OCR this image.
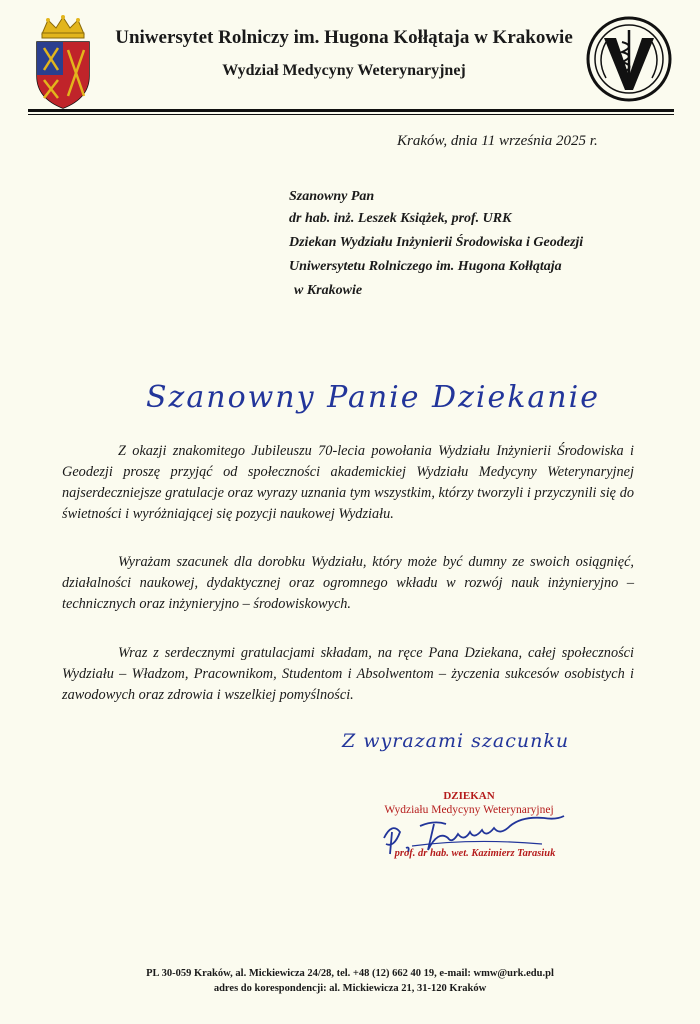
Uniwersytet Rolniczy im. Hugona Kołłątaja w Krakowie
Wydział Medycyny Weterynaryjnej
Kraków, dnia 11 września 2025 r.
Szanowny Pan
dr hab. inż. Leszek Książek, prof. URK
Dziekan Wydziału Inżynierii Środowiska i Geodezji
Uniwersytetu Rolniczego im. Hugona Kołłątaja
w Krakowie
Szanowny Panie Dziekanie
Z okazji znakomitego Jubileuszu 70-lecia powołania Wydziału Inżynierii Środowiska i Geodezji proszę przyjąć od społeczności akademickiej Wydziału Medycyny Weterynaryjnej najserdeczniejsze gratulacje oraz wyrazy uznania tym wszystkim, którzy tworzyli i przyczynili się do świetności i wyróżniającej się pozycji naukowej Wydziału.
Wyrażam szacunek dla dorobku Wydziału, który może być dumny ze swoich osiągnięć, działalności naukowej, dydaktycznej oraz ogromnego wkładu w rozwój nauk inżynieryjno – technicznych oraz inżynieryjno – środowiskowych.
Wraz z serdecznymi gratulacjami składam, na ręce Pana Dziekana, całej społeczności Wydziału – Władzom, Pracownikom, Studentom i Absolwentom – życzenia sukcesów osobistych i zawodowych oraz zdrowia i wszelkiej pomyślności.
Z wyrazami szacunku
DZIEKAN
Wydziału Medycyny Weterynaryjnej
prof. dr hab. wet. Kazimierz Tarasiuk
PL 30-059 Kraków, al. Mickiewicza 24/28, tel. +48 (12) 662 40 19, e-mail: wmw@urk.edu.pl
adres do korespondencji: al. Mickiewicza 21, 31-120 Kraków
